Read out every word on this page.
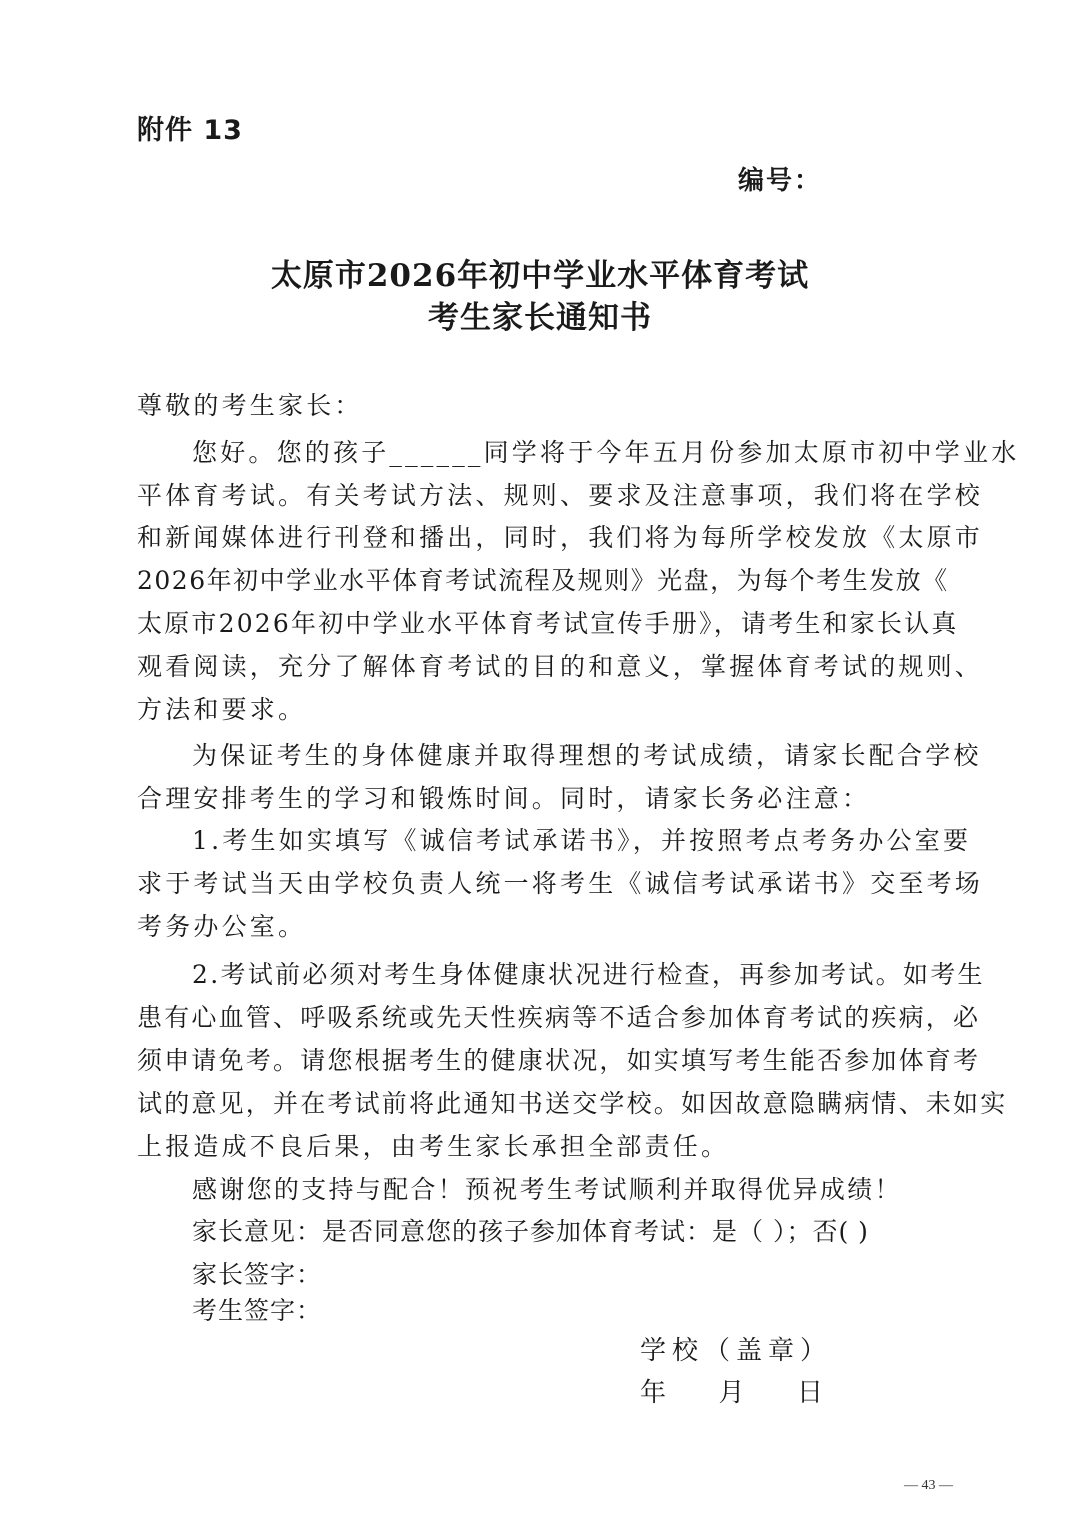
附件 13
编号：
太原市2026年初中学业水平体育考试
考生家长通知书
尊敬的考生家长：
您好。您的孩子______同学将于今年五月份参加太原市初中学业水
平体育考试。有关考试方法、规则、要求及注意事项，我们将在学校
和新闻媒体进行刊登和播出，同时，我们将为每所学校发放《太原市
2026年初中学业水平体育考试流程及规则》光盘，为每个考生发放《
太原市2026年初中学业水平体育考试宣传手册》，请考生和家长认真
观看阅读，充分了解体育考试的目的和意义，掌握体育考试的规则、
方法和要求。
为保证考生的身体健康并取得理想的考试成绩，请家长配合学校
合理安排考生的学习和锻炼时间。同时，请家长务必注意：
1.考生如实填写《诚信考试承诺书》，并按照考点考务办公室要
求于考试当天由学校负责人统一将考生《诚信考试承诺书》交至考场
考务办公室。
2.考试前必须对考生身体健康状况进行检查，再参加考试。如考生
患有心血管、呼吸系统或先天性疾病等不适合参加体育考试的疾病，必
须申请免考。请您根据考生的健康状况，如实填写考生能否参加体育考
试的意见，并在考试前将此通知书送交学校。如因故意隐瞒病情、未如实
上报造成不良后果，由考生家长承担全部责任。
感谢您的支持与配合！预祝考生考试顺利并取得优异成绩！
家长意见：是否同意您的孩子参加体育考试：是（ ）；否( )
家长签字：
考生签字：
学校（盖章）
年  月  日
— 43 —
